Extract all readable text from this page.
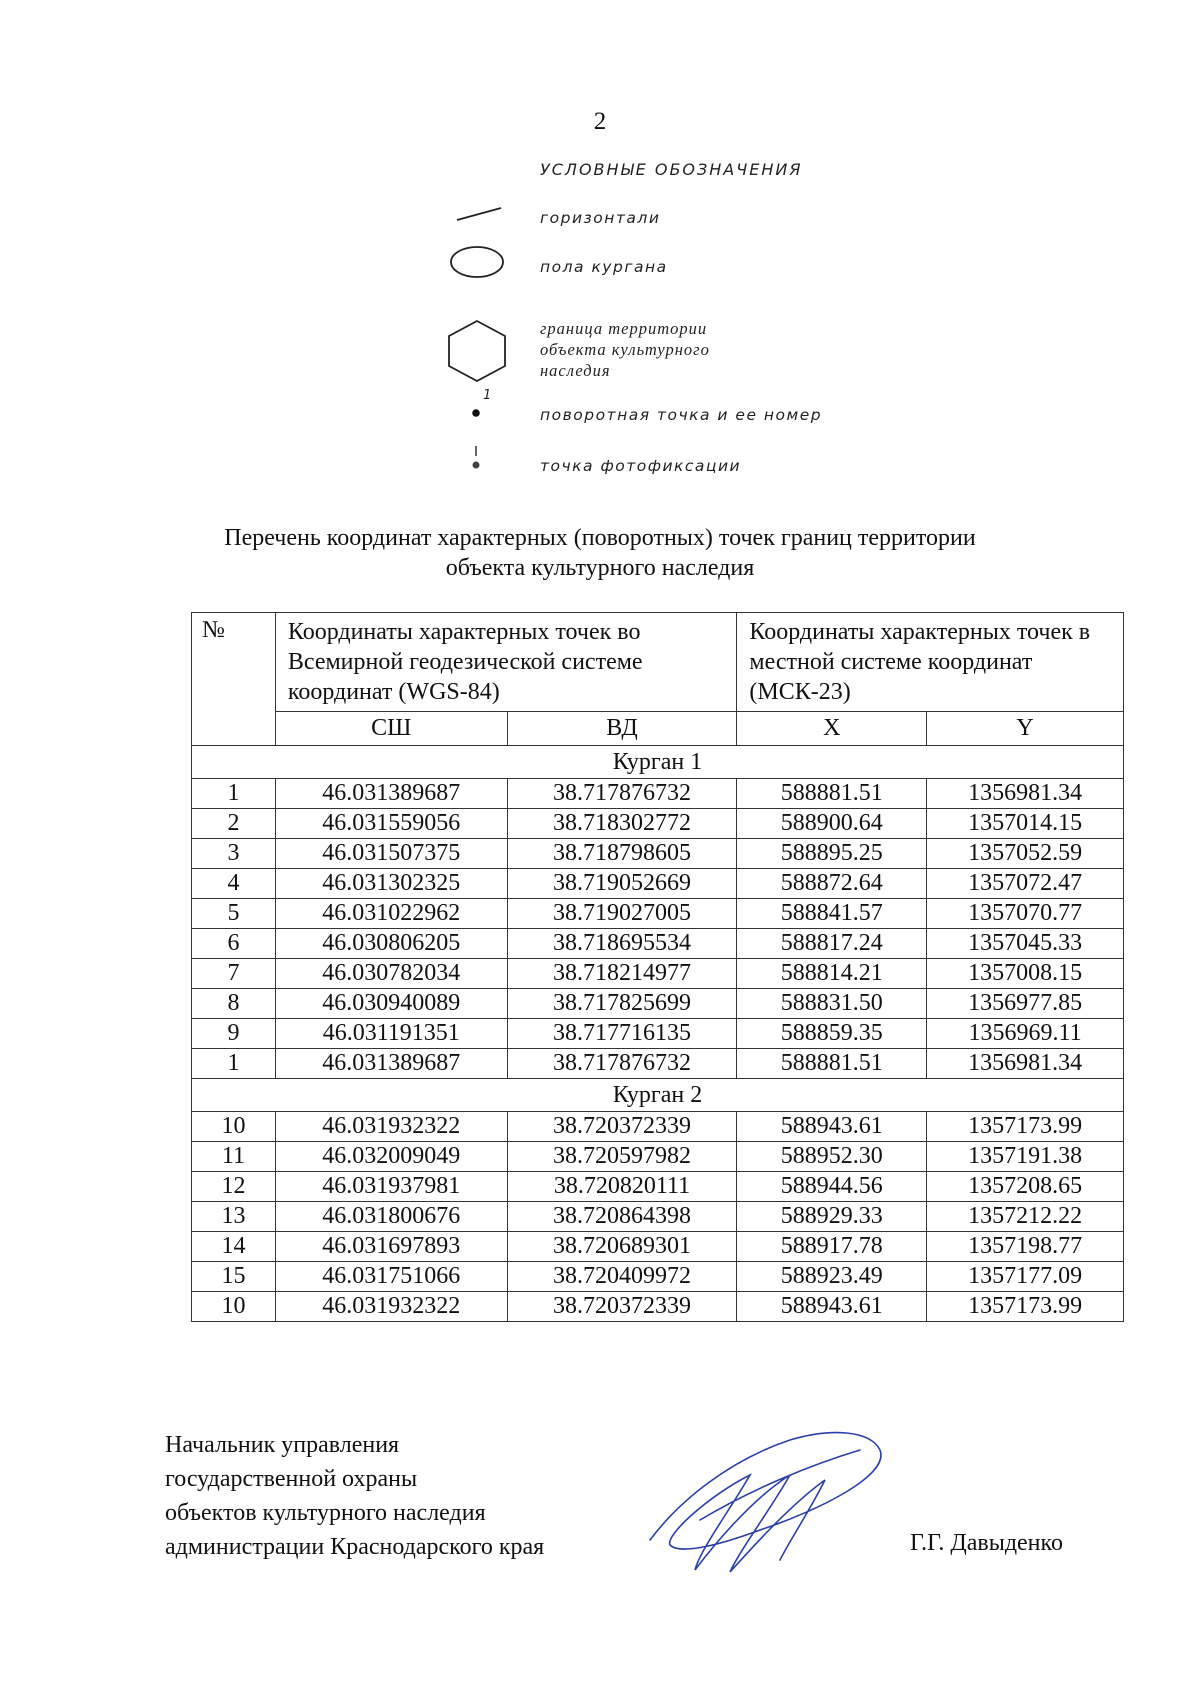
2
УСЛОВНЫЕ ОБОЗНАЧЕНИЯ
горизонтали
пола кургана
граница территории
объекта культурного
наследия
1
поворотная точка и ее номер
точка фотофиксации
Перечень координат характерных (поворотных) точек границ территории
объекта культурного наследия
№	Координаты характерных точек во Всемирной геодезической системе координат (WGS-84)		Координаты характерных точек в местной системе координат (МСК-23)	
	СШ	ВД	X	Y
Курган 1				
1	46.031389687	38.717876732	588881.51	1356981.34
2	46.031559056	38.718302772	588900.64	1357014.15
3	46.031507375	38.718798605	588895.25	1357052.59
4	46.031302325	38.719052669	588872.64	1357072.47
5	46.031022962	38.719027005	588841.57	1357070.77
6	46.030806205	38.718695534	588817.24	1357045.33
7	46.030782034	38.718214977	588814.21	1357008.15
8	46.030940089	38.717825699	588831.50	1356977.85
9	46.031191351	38.717716135	588859.35	1356969.11
1	46.031389687	38.717876732	588881.51	1356981.34
Курган 2				
10	46.031932322	38.720372339	588943.61	1357173.99
11	46.032009049	38.720597982	588952.30	1357191.38
12	46.031937981	38.720820111	588944.56	1357208.65
13	46.031800676	38.720864398	588929.33	1357212.22
14	46.031697893	38.720689301	588917.78	1357198.77
15	46.031751066	38.720409972	588923.49	1357177.09
10	46.031932322	38.720372339	588943.61	1357173.99
Начальник управления
государственной охраны
объектов культурного наследия
администрации Краснодарского края	Г.Г. Давыденко
